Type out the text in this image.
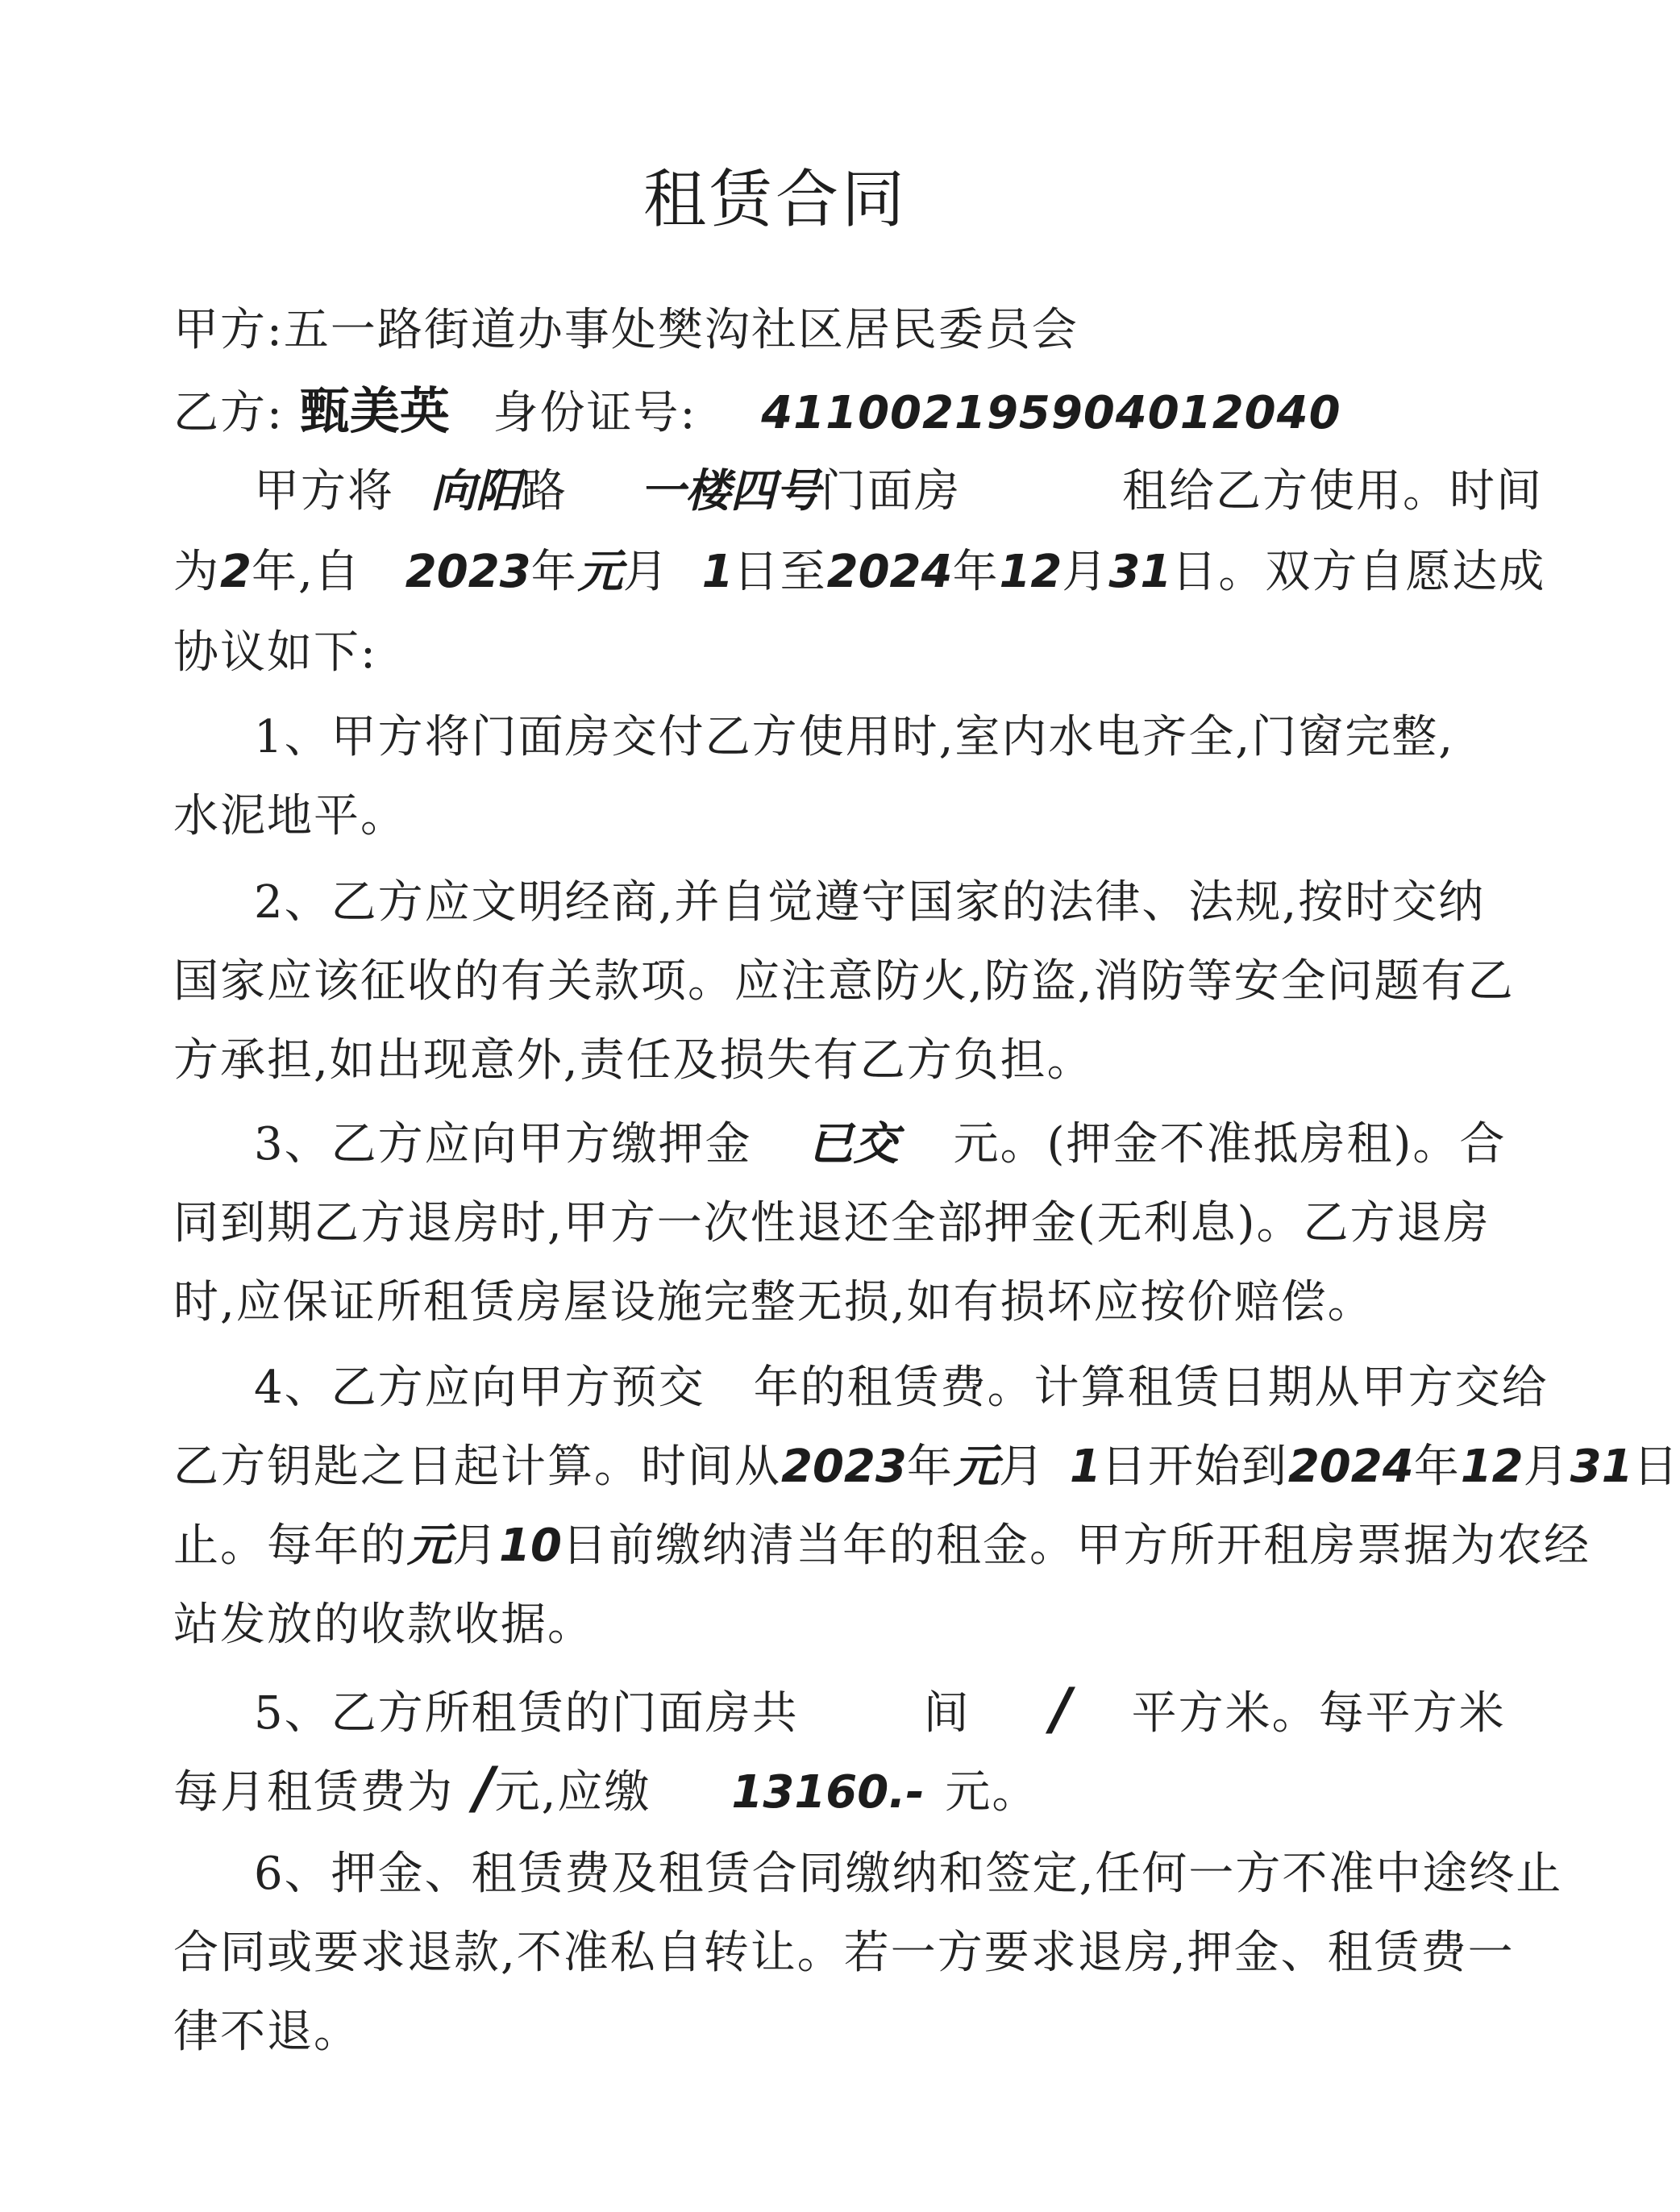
租赁合同
甲方:五一路街道办事处樊沟社区居民委员会
乙方: 甄美英 身份证号: 411002195904012040
甲方将 向阳路 一楼四号门面房	租给乙方使用。时间
为2年,自 2023年元月 1日至2024年12月31日。双方自愿达成
协议如下:
1、甲方将门面房交付乙方使用时,室内水电齐全,门窗完整,
水泥地平。
2、乙方应文明经商,并自觉遵守国家的法律、法规,按时交纳
国家应该征收的有关款项。应注意防火,防盗,消防等安全问题有乙
方承担,如出现意外,责任及损失有乙方负担。
3、乙方应向甲方缴押金 已交 元。(押金不准抵房租)。合
同到期乙方退房时,甲方一次性退还全部押金(无利息)。乙方退房
时,应保证所租赁房屋设施完整无损,如有损坏应按价赔偿。
4、乙方应向甲方预交 年的租赁费。计算租赁日期从甲方交给
乙方钥匙之日起计算。时间从2023年元月 1日开始到2024年12月31日
止。每年的元月10日前缴纳清当年的租金。甲方所开租房票据为农经
站发放的收款收据。
5、乙方所租赁的门面房共	间 / 平方米。每平方米
每月租赁费为 /元,应缴 13160.- 元。
6、押金、租赁费及租赁合同缴纳和签定,任何一方不准中途终止
合同或要求退款,不准私自转让。若一方要求退房,押金、租赁费一
律不退。
